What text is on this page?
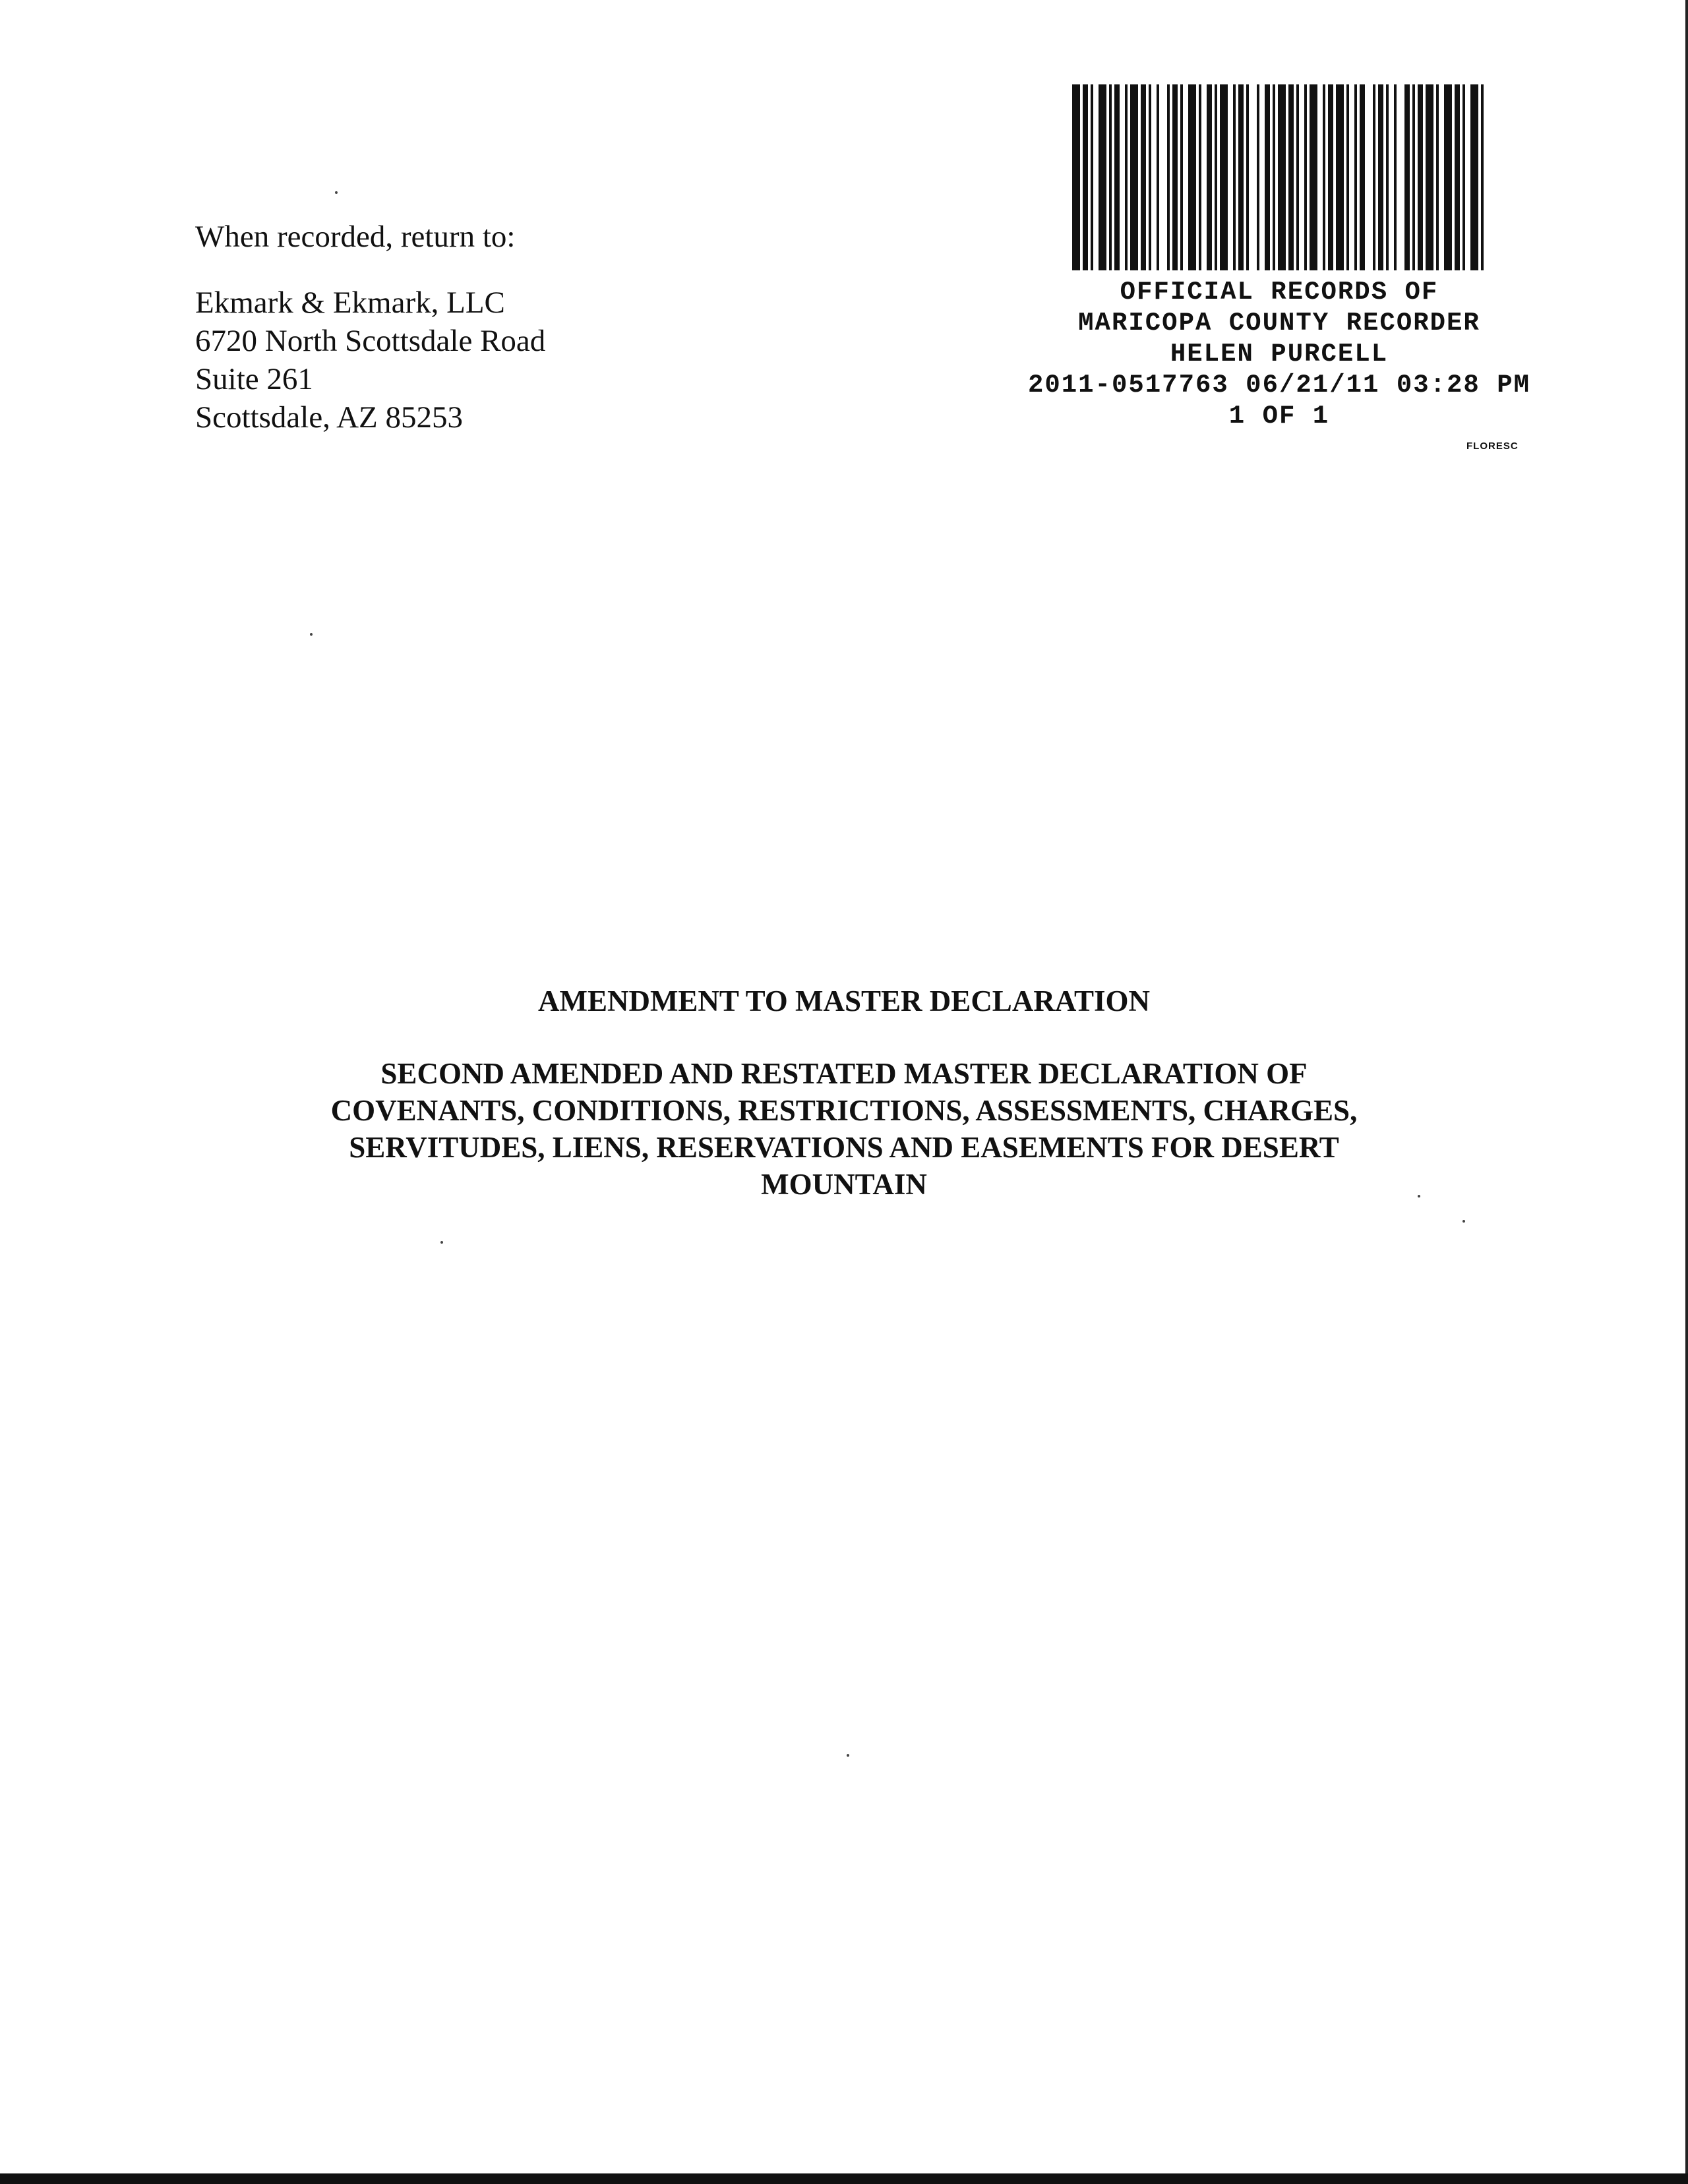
When recorded, return to:
Ekmark & Ekmark, LLC
6720 North Scottsdale Road
Suite 261
Scottsdale, AZ 85253
OFFICIAL RECORDS OF
MARICOPA COUNTY RECORDER
HELEN PURCELL
2011-0517763 06/21/11 03:28 PM
1 OF 1
FLORESC
AMENDMENT TO MASTER DECLARATION
SECOND AMENDED AND RESTATED MASTER DECLARATION OF
COVENANTS, CONDITIONS, RESTRICTIONS, ASSESSMENTS, CHARGES,
SERVITUDES, LIENS, RESERVATIONS AND EASEMENTS FOR DESERT
MOUNTAIN
